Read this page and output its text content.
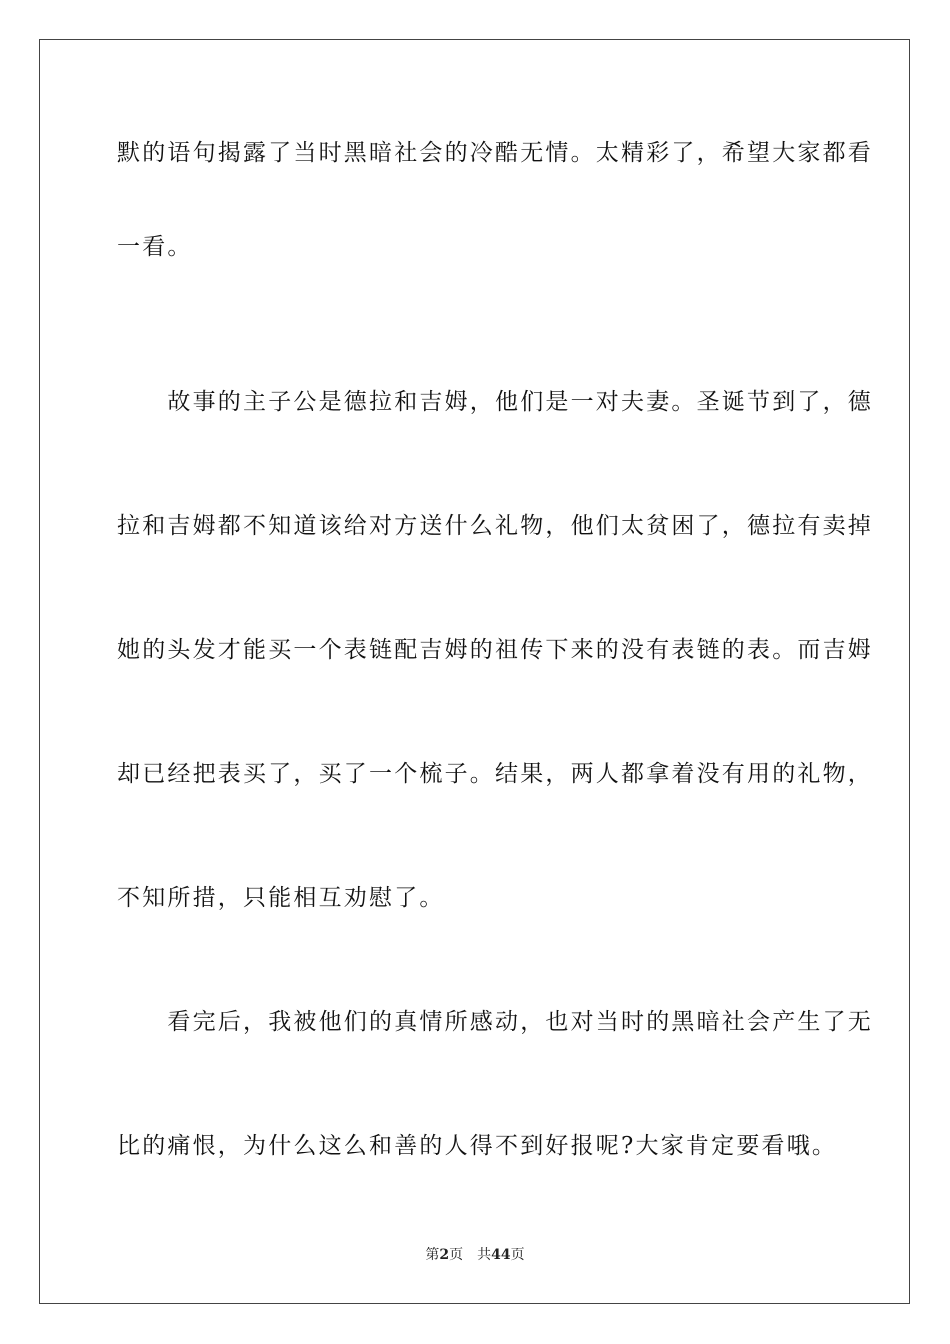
默的语句揭露了当时黑暗社会的冷酷无情。太精彩了，希望大家都看
一看。
　　故事的主子公是德拉和吉姆，他们是一对夫妻。圣诞节到了，德
拉和吉姆都不知道该给对方送什么礼物，他们太贫困了，德拉有卖掉
她的头发才能买一个表链配吉姆的祖传下来的没有表链的表。而吉姆
却已经把表买了，买了一个梳子。结果，两人都拿着没有用的礼物，
不知所措，只能相互劝慰了。
　　看完后，我被他们的真情所感动，也对当时的黑暗社会产生了无
比的痛恨，为什么这么和善的人得不到好报呢?大家肯定要看哦。
第2页 共44页
